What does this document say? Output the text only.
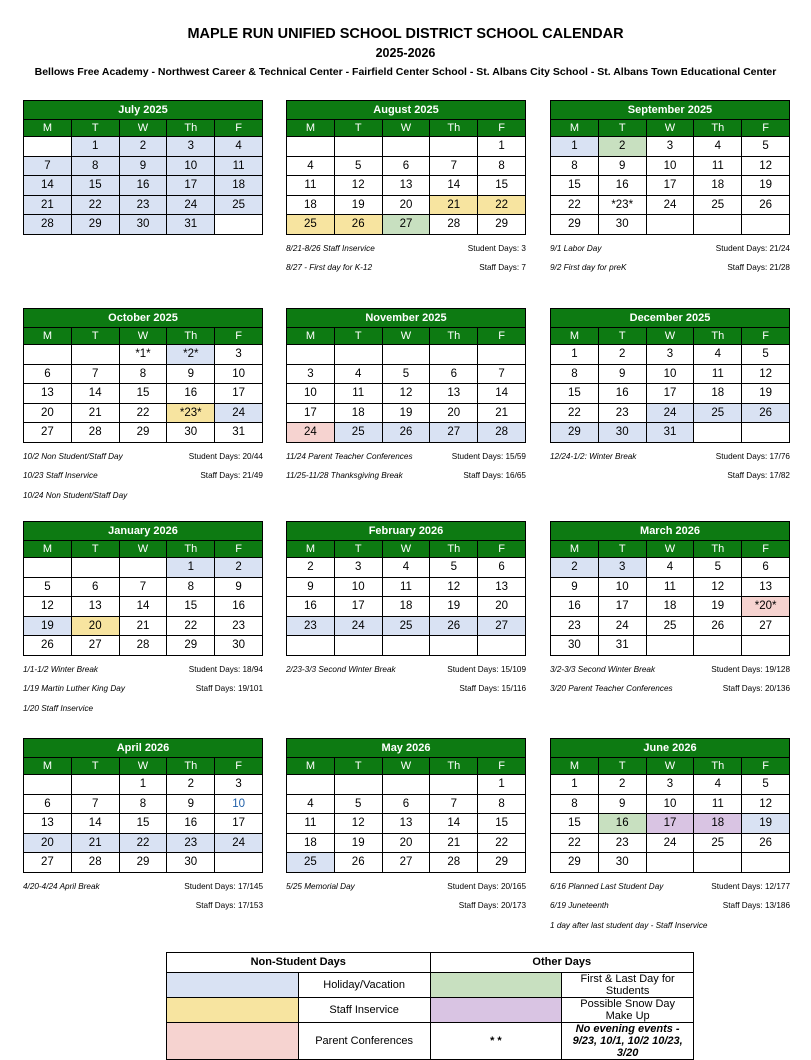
MAPLE RUN UNIFIED SCHOOL DISTRICT SCHOOL CALENDAR
2025-2026
Bellows Free Academy - Northwest Career & Technical Center - Fairfield Center School - St. Albans City School - St. Albans Town Educational Center
July 2025				
M	T	W	Th	F
	1	2	3	4
7	8	9	10	11
14	15	16	17	18
21	22	23	24	25
28	29	30	31	
August 2025				
M	T	W	Th	F
				1
4	5	6	7	8
11	12	13	14	15
18	19	20	21	22
25	26	27	28	29
8/21-8/26 Staff Inservice	Student Days: 3
8/27 - First day for K-12	Staff Days: 7
September 2025				
M	T	W	Th	F
1	2	3	4	5
8	9	10	11	12
15	16	17	18	19
22	*23*	24	25	26
29	30			
9/1 Labor Day	Student Days: 21/24
9/2 First day for preK	Staff Days: 21/28
October 2025				
M	T	W	Th	F
		*1*	*2*	3
6	7	8	9	10
13	14	15	16	17
20	21	22	*23*	24
27	28	29	30	31
10/2 Non Student/Staff Day	Student Days: 20/44
10/23 Staff Inservice	Staff Days: 21/49
10/24 Non Student/Staff Day
November 2025				
M	T	W	Th	F

3	4	5	6	7
10	11	12	13	14
17	18	19	20	21
24	25	26	27	28
11/24 Parent Teacher Conferences	Student Days: 15/59
11/25-11/28 Thanksgiving Break	Staff Days: 16/65
December 2025				
M	T	W	Th	F
1	2	3	4	5
8	9	10	11	12
15	16	17	18	19
22	23	24	25	26
29	30	31		
12/24-1/2: Winter Break	Student Days: 17/76
Staff Days: 17/82
January 2026				
M	T	W	Th	F
			1	2
5	6	7	8	9
12	13	14	15	16
19	20	21	22	23
26	27	28	29	30
1/1-1/2 Winter Break	Student Days: 18/94
1/19 Martin Luther King Day	Staff Days: 19/101
1/20 Staff Inservice
February 2026				
M	T	W	Th	F
2	3	4	5	6
9	10	11	12	13
16	17	18	19	20
23	24	25	26	27

2/23-3/3 Second Winter Break	Student Days: 15/109
Staff Days: 15/116
March 2026				
M	T	W	Th	F
2	3	4	5	6
9	10	11	12	13
16	17	18	19	*20*
23	24	25	26	27
30	31			
3/2-3/3 Second Winter Break	Student Days: 19/128
3/20 Parent Teacher Conferences	Staff Days: 20/136
April 2026				
M	T	W	Th	F
		1	2	3
6	7	8	9	10
13	14	15	16	17
20	21	22	23	24
27	28	29	30	
4/20-4/24 April Break	Student Days: 17/145
Staff Days: 17/153
May 2026				
M	T	W	Th	F
				1
4	5	6	7	8
11	12	13	14	15
18	19	20	21	22
25	26	27	28	29
5/25 Memorial Day	Student Days: 20/165
Staff Days: 20/173
June 2026				
M	T	W	Th	F
1	2	3	4	5
8	9	10	11	12
15	16	17	18	19
22	23	24	25	26
29	30			
6/16 Planned Last Student Day	Student Days: 12/177
6/19 Juneteenth	Staff Days: 13/186
1 day after last student day - Staff Inservice
Non-Student Days		Other Days	
	Holiday/Vacation		First & Last Day for Students
	Staff Inservice		Possible Snow Day Make Up
	Parent Conferences	* *	No evening events - 9/23, 10/1, 10/2 10/23, 3/20
